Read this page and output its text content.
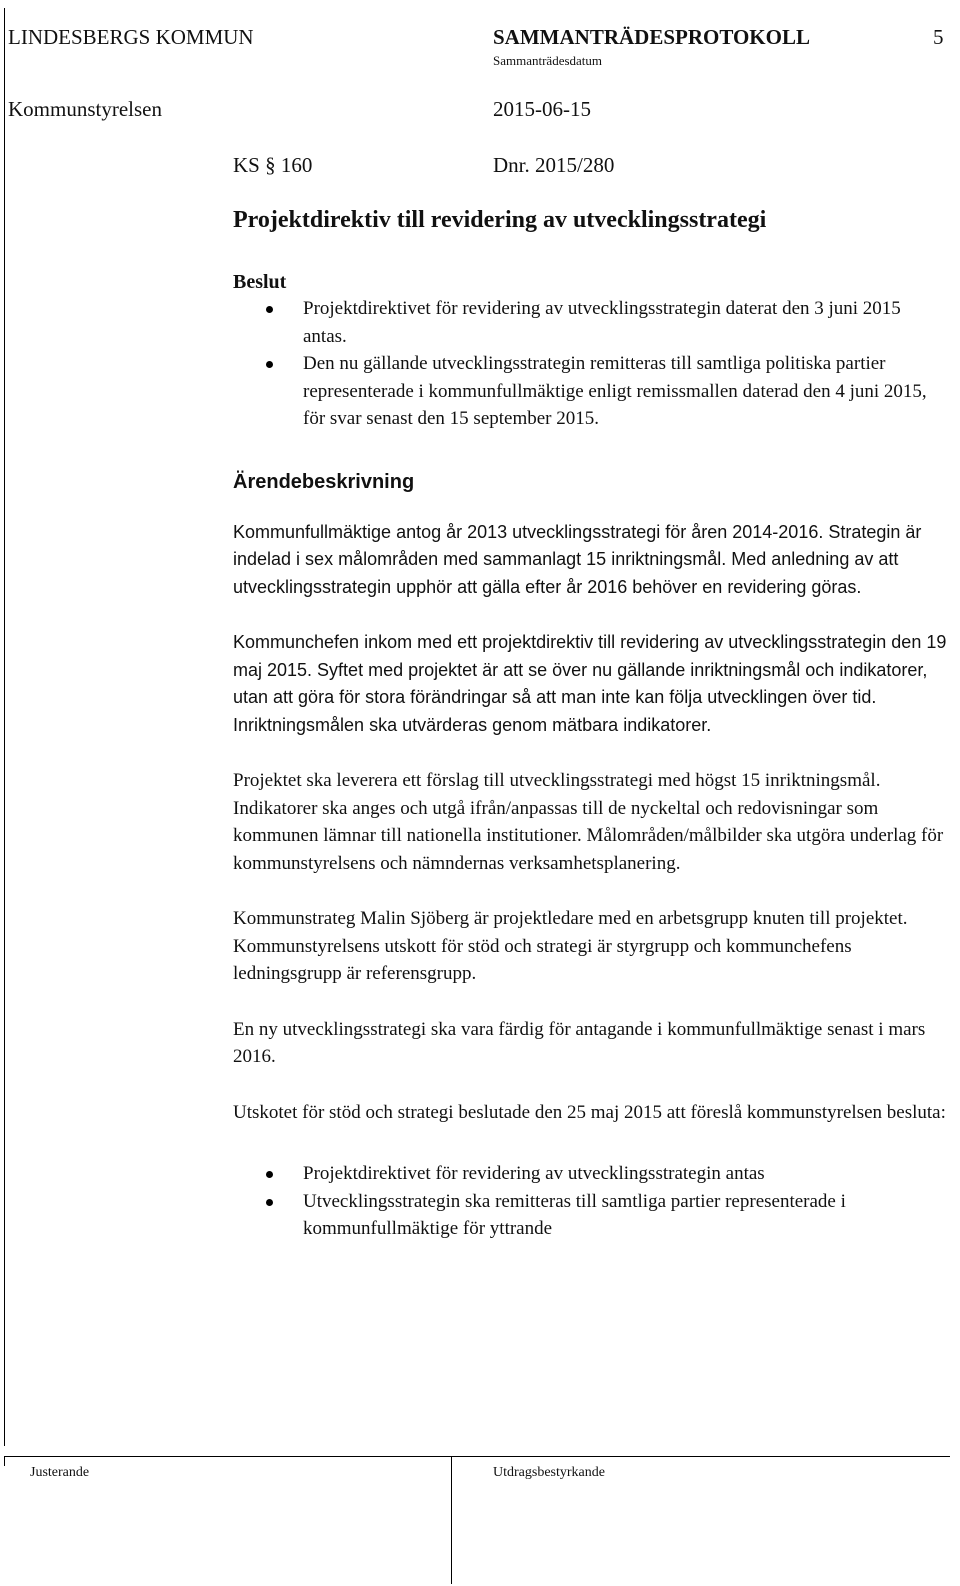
LINDESBERGS KOMMUN	SAMMANTRÄDESPROTOKOLL	5
Sammanträdesdatum
Kommunstyrelsen	2015-06-15
KS § 160	Dnr. 2015/280
Projektdirektiv till revidering av utvecklingsstrategi
Beslut
Projektdirektivet för revidering av utvecklingsstrategin daterat den 3 juni 2015 antas.
Den nu gällande utvecklingsstrategin remitteras till samtliga politiska partier representerade i kommunfullmäktige enligt remissmallen daterad den 4 juni 2015, för svar senast den 15 september 2015.
Ärendebeskrivning

Kommunfullmäktige antog år 2013 utvecklingsstrategi för åren 2014-2016. Strategin är indelad i sex målområden med sammanlagt 15 inriktningsmål. Med anledning av att utvecklingsstrategin upphör att gälla efter år 2016 behöver en revidering göras.

Kommunchefen inkom med ett projektdirektiv till revidering av utvecklingsstrategin den 19 maj 2015. Syftet med projektet är att se över nu gällande inriktningsmål och indikatorer, utan att göra för stora förändringar så att man inte kan följa utvecklingen över tid. Inriktningsmålen ska utvärderas genom mätbara indikatorer.

Projektet ska leverera ett förslag till utvecklingsstrategi med högst 15 inriktningsmål. Indikatorer ska anges och utgå ifrån/anpassas till de nyckeltal och redovisningar som kommunen lämnar till nationella institutioner. Målområden/målbilder ska utgöra underlag för kommunstyrelsens och nämndernas verksamhetsplanering.

Kommunstrateg Malin Sjöberg är projektledare med en arbetsgrupp knuten till projektet. Kommunstyrelsens utskott för stöd och strategi är styrgrupp och kommunchefens ledningsgrupp är referensgrupp.

En ny utvecklingsstrategi ska vara färdig för antagande i kommunfullmäktige senast i mars 2016.

Utskotet för stöd och strategi beslutade den 25 maj 2015 att föreslå kommunstyrelsen besluta:

Projektdirektivet för revidering av utvecklingsstrategin antas
Utvecklingsstrategin ska remitteras till samtliga partier representerade i kommunfullmäktige för yttrande
Justerande	Utdragsbestyrkande
